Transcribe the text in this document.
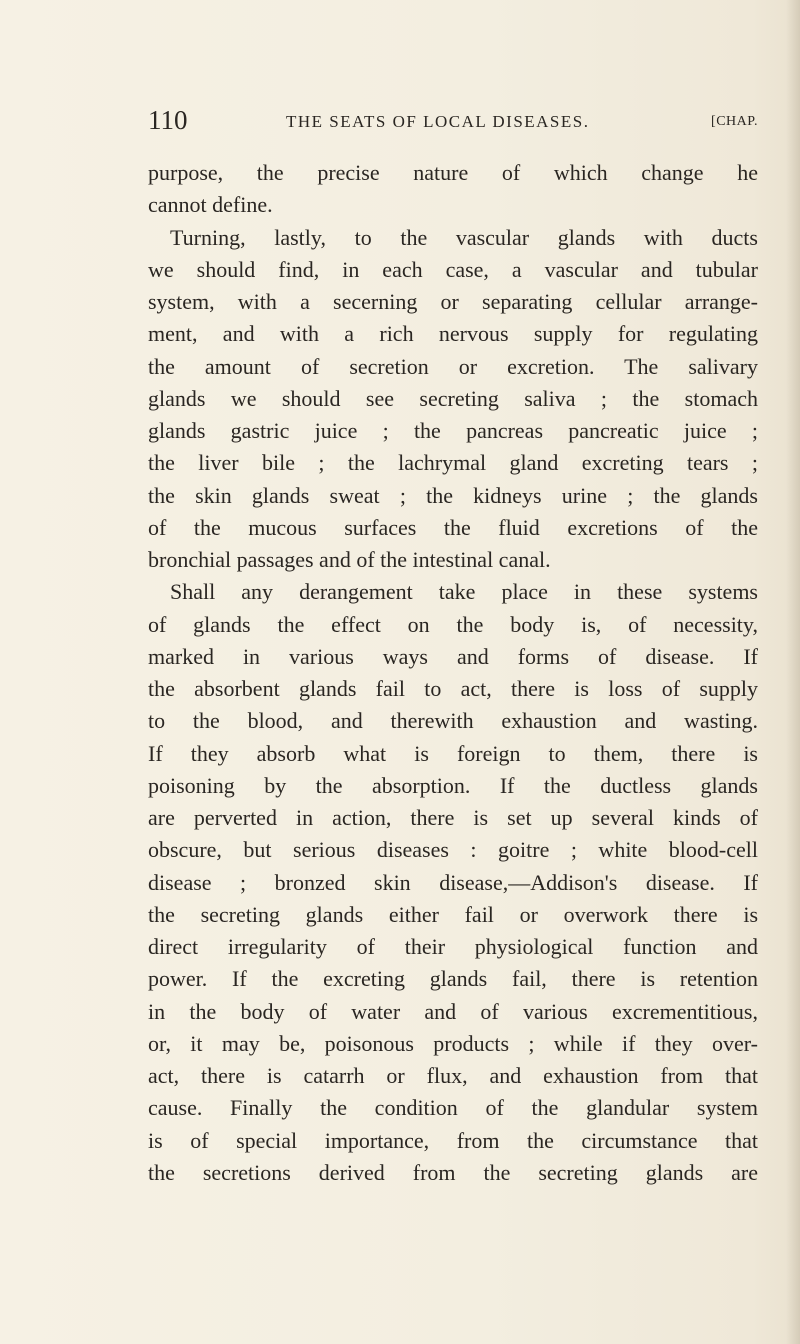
110	THE SEATS OF LOCAL DISEASES.	[CHAP.
purpose, the precise nature of which change he
cannot define.
Turning, lastly, to the vascular glands with ducts
we should find, in each case, a vascular and tubular
system, with a secerning or separating cellular arrange-
ment, and with a rich nervous supply for regulating
the amount of secretion or excretion. The salivary
glands we should see secreting saliva ; the stomach
glands gastric juice ; the pancreas pancreatic juice ;
the liver bile ; the lachrymal gland excreting tears ;
the skin glands sweat ; the kidneys urine ; the glands
of the mucous surfaces the fluid excretions of the
bronchial passages and of the intestinal canal.
Shall any derangement take place in these systems
of glands the effect on the body is, of necessity,
marked in various ways and forms of disease. If
the absorbent glands fail to act, there is loss of supply
to the blood, and therewith exhaustion and wasting.
If they absorb what is foreign to them, there is
poisoning by the absorption. If the ductless glands
are perverted in action, there is set up several kinds of
obscure, but serious diseases : goitre ; white blood-cell
disease ; bronzed skin disease,—Addison's disease. If
the secreting glands either fail or overwork there is
direct irregularity of their physiological function and
power. If the excreting glands fail, there is retention
in the body of water and of various excrementitious,
or, it may be, poisonous products ; while if they over-
act, there is catarrh or flux, and exhaustion from that
cause. Finally the condition of the glandular system
is of special importance, from the circumstance that
the secretions derived from the secreting glands are
